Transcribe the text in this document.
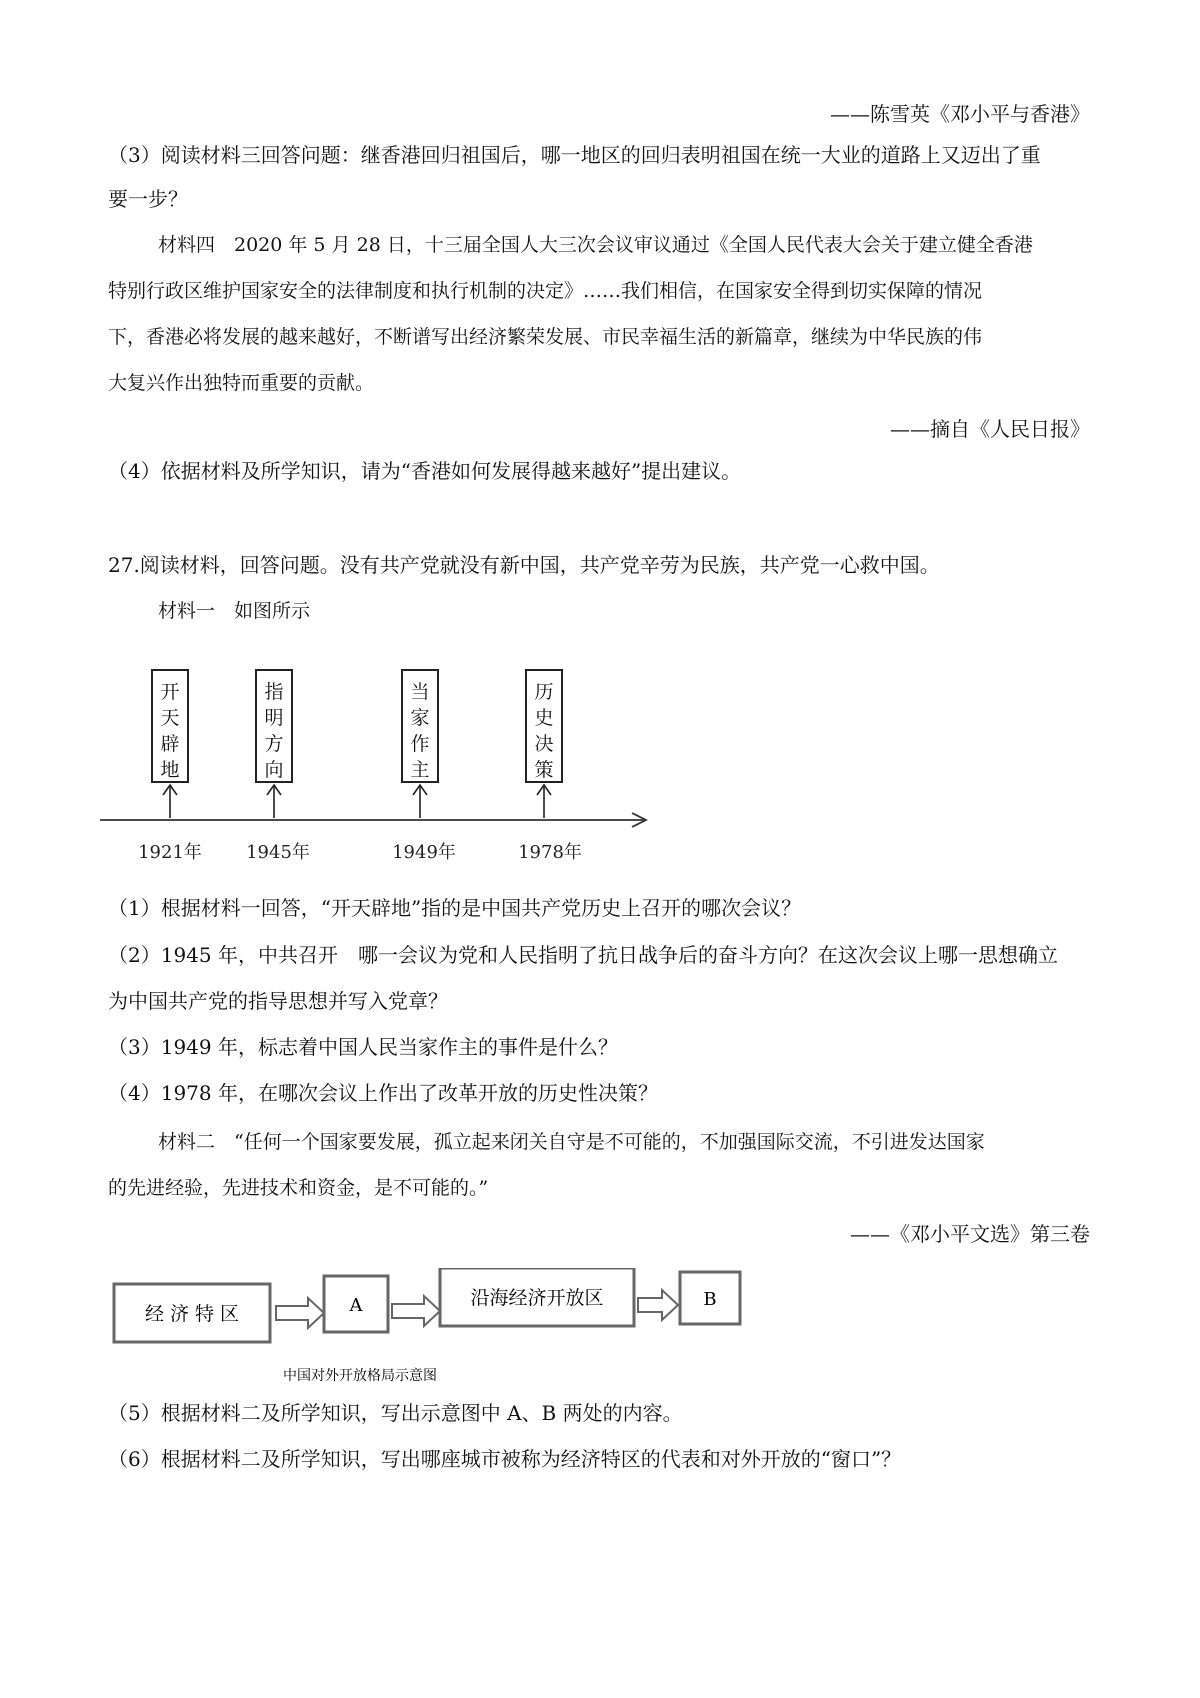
——陈雪英《邓小平与香港》
（3）阅读材料三回答问题：继香港回归祖国后，哪一地区的回归表明祖国在统一大业的道路上又迈出了重
要一步？
材料四　2020 年 5 月 28 日，十三届全国人大三次会议审议通过《全国人民代表大会关于建立健全香港
特别行政区维护国家安全的法律制度和执行机制的决定》……我们相信，在国家安全得到切实保障的情况
下，香港必将发展的越来越好，不断谱写出经济繁荣发展、市民幸福生活的新篇章，继续为中华民族的伟
大复兴作出独特而重要的贡献。
——摘自《人民日报》
（4）依据材料及所学知识，请为“香港如何发展得越来越好”提出建议。
27.阅读材料，回答问题。没有共产党就没有新中国，共产党辛劳为民族，共产党一心救中国。
材料一　如图所示
开
天
辟
地
指
明
方
向
当
家
作
主
历
史
决
策
1921年 1945年	1949年	1978年
（1）根据材料一回答，“开天辟地”指的是中国共产党历史上召开的哪次会议？
（2）1945 年，中共召开　哪一会议为党和人民指明了抗日战争后的奋斗方向？在这次会议上哪一思想确立
为中国共产党的指导思想并写入党章？
（3）1949 年，标志着中国人民当家作主的事件是什么？
（4）1978 年，在哪次会议上作出了改革开放的历史性决策？
材料二　“任何一个国家要发展，孤立起来闭关自守是不可能的，不加强国际交流，不引进发达国家
的先进经验，先进技术和资金，是不可能的。”
——《邓小平文选》第三卷
经 济 特 区	A	沿海经济开放区	B
中国对外开放格局示意图
（5）根据材料二及所学知识，写出示意图中 A、B 两处的内容。
（6）根据材料二及所学知识，写出哪座城市被称为经济特区的代表和对外开放的“窗口”？
